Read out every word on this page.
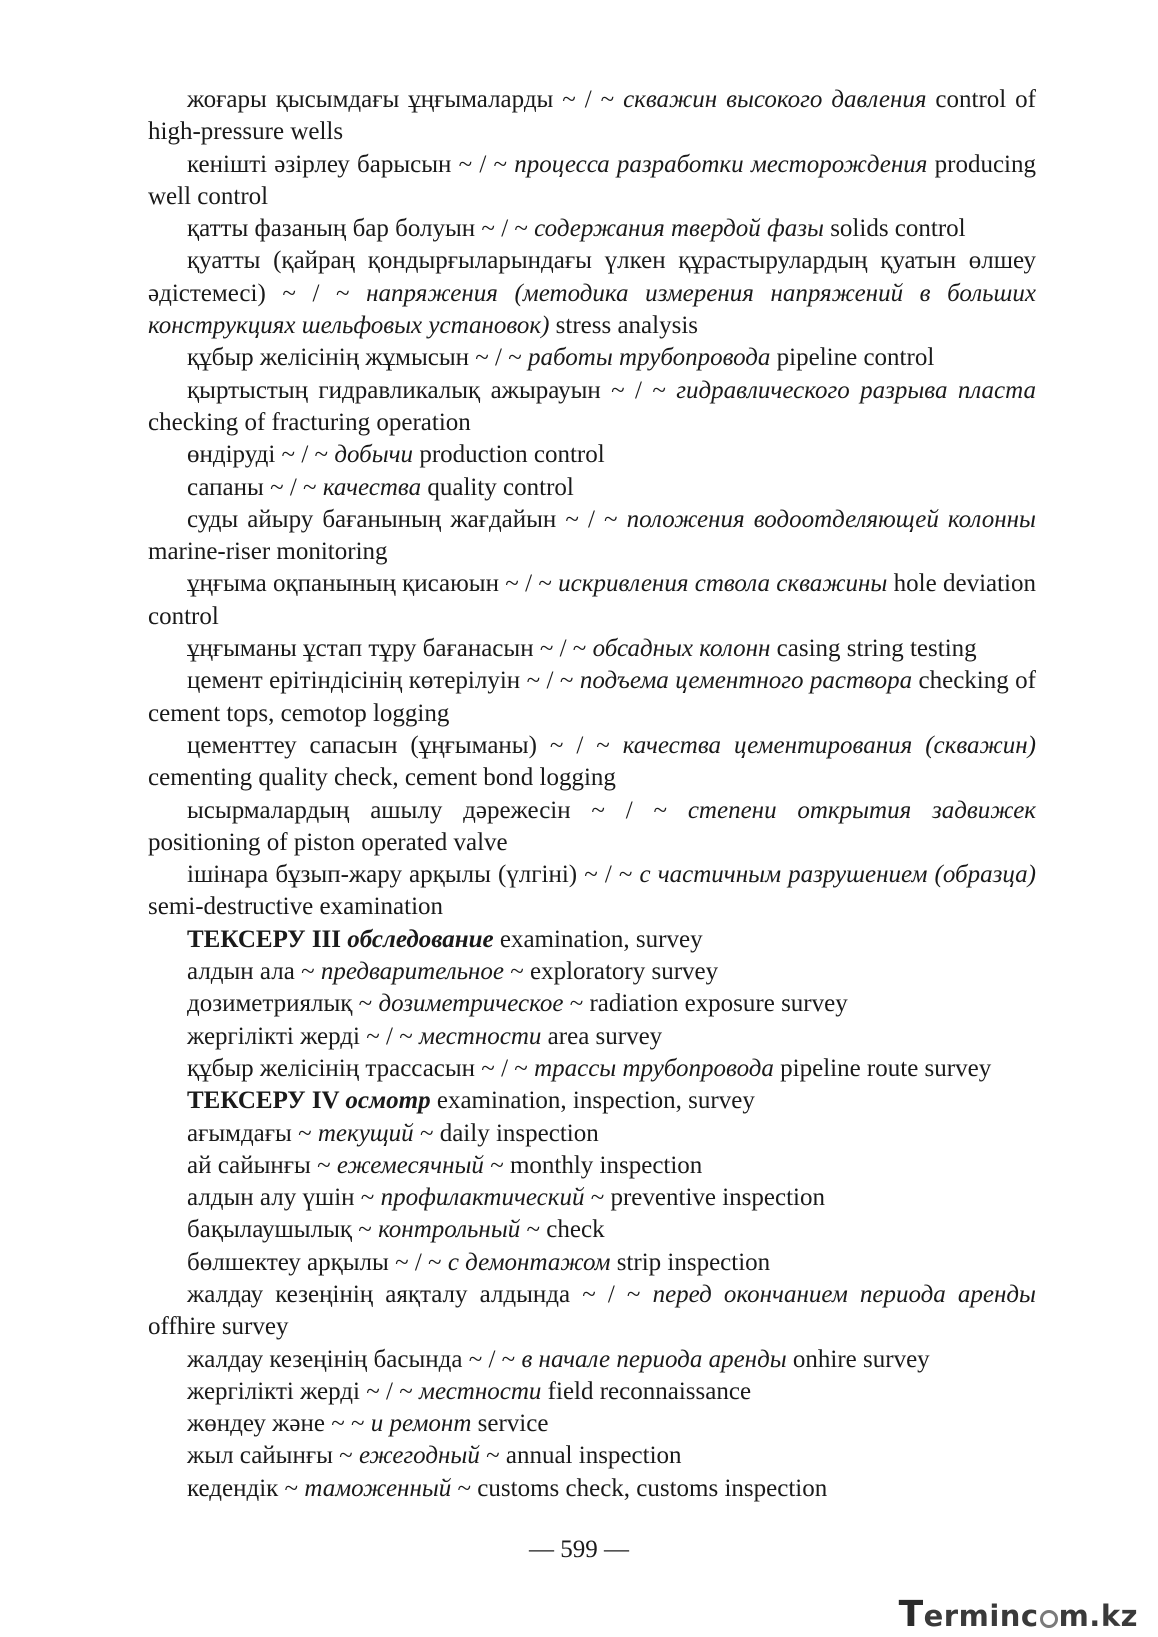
жоғары қысымдағы ұңғымаларды ~ / ~ скважин высокого давления control of high-pressure wells

кеніштi әзiрлеу барысын ~ / ~ процесса разработки месторождения producing well control

қатты фазаның бар болуын ~ / ~ содержания твердой фазы solids control

қуатты (қайраң қондырғыларындағы үлкен құрастырулардың қуатын өлшеу әдiстемесi) ~ / ~ напряжения (методика измерения напряжений в больших конструкциях шельфовых установок) stress analysis

құбыр желiсiнiң жұмысын ~ / ~ работы трубопровода pipeline control

қыртыстың гидравликалық ажырауын ~ / ~ гидравлического разрыва пласта checking of fracturing operation

өндiрудi ~ / ~ добычи production control

сапаны ~ / ~ качества quality control

суды айыру бағанының жағдайын ~ / ~ положения водоотделяющей колонны marine-riser monitoring

ұңғыма оқпанының қисаюын ~ / ~ искривления ствола скважины hole deviation control

ұңғыманы ұстап тұру бағанасын ~ / ~ обсадных колонн casing string testing

цемент ерiтiндiсiнiң көтерiлуiн ~ / ~ подъема цементного раствора checking of cement tops, cemotop logging

цементтеу сапасын (ұңғыманы) ~ / ~ качества цементирования (скважин) cementing quality check, cement bond logging

ысырмалардың ашылу дәрежесiн ~ / ~ степени открытия задвижек positioning of piston operated valve

iшiнара бұзып-жару арқылы (үлгiнi) ~ / ~ с частичным разрушением (образца) semi-destructive examination

ТЕКСЕРУ III обследование examination, survey

алдын ала ~ предварительное ~ exploratory survey

дозиметриялық ~ дозиметрическое ~ radiation exposure survey

жергiлiктi жердi ~ / ~ местности area survey

құбыр желiсiнiң трассасын ~ / ~ трассы трубопровода pipeline route survey

ТЕКСЕРУ IV осмотр examination, inspection, survey

ағымдағы ~ текущий ~ daily inspection

ай сайынғы ~ ежемесячный ~ monthly inspection

алдын алу үшiн ~ профилактический ~ preventive inspection

бақылаушылық ~ контрольный ~ check

бөлшектеу арқылы ~ / ~ с демонтажом strip inspection

жалдау кезеңiнiң аяқталу алдында ~ / ~ перед окончанием периода аренды offhire survey

жалдау кезеңiнiң басында ~ / ~ в начале периода аренды onhire survey

жергiлiктi жердi ~ / ~ местности field reconnaissance

жөндеу және ~ ~ и ремонт service

жыл сайынғы ~ ежегодный ~ annual inspection

кедендiк ~ таможенный ~ customs check, customs inspection

— 599 —
Terminc m.kz
